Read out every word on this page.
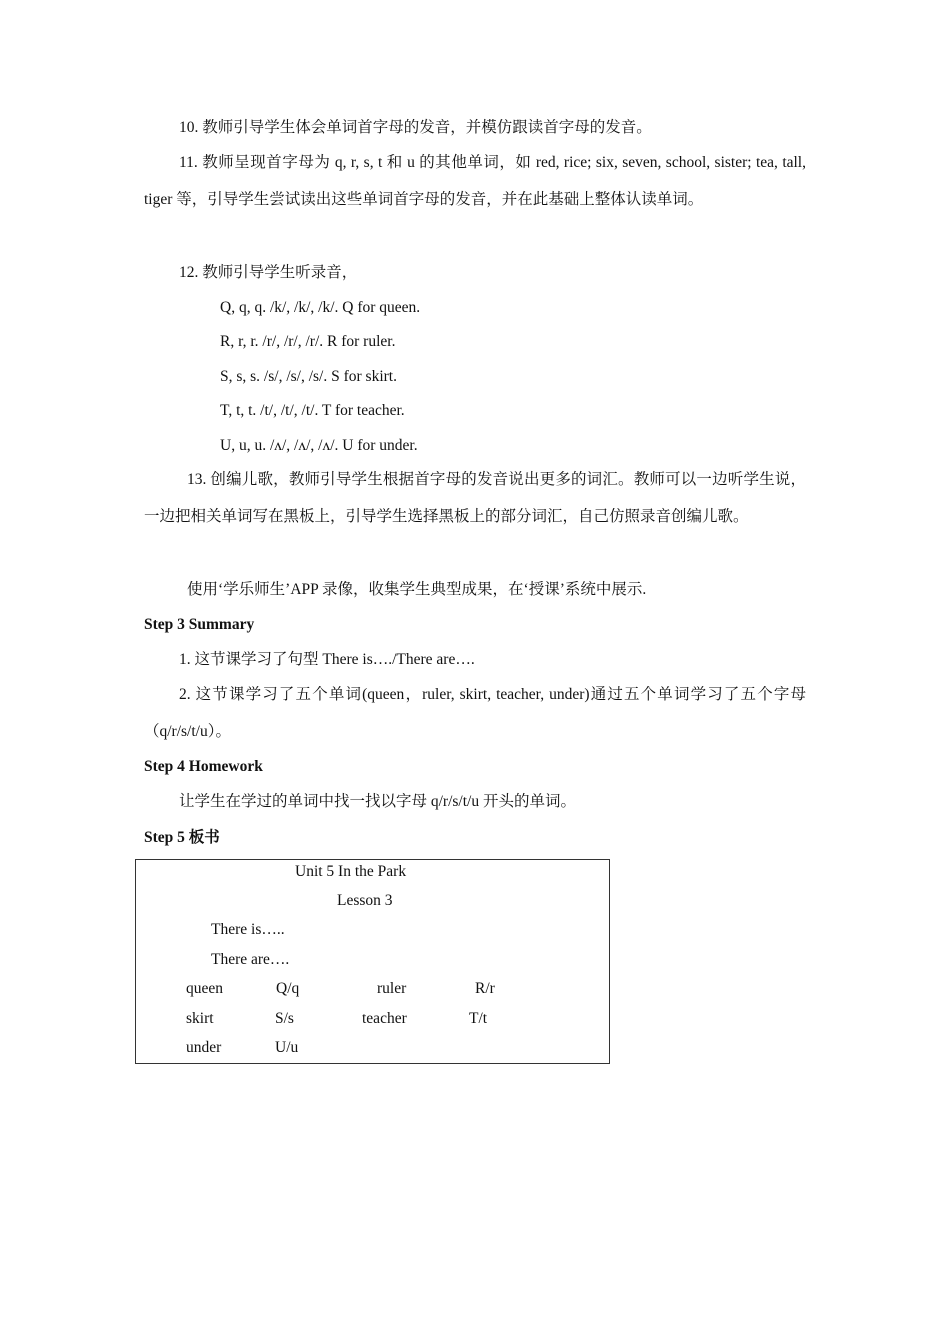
10. 教师引导学生体会单词首字母的发音，并模仿跟读首字母的发音。
11. 教师呈现首字母为 q, r, s, t 和 u 的其他单词，如 red, rice; six, seven, school, sister; tea, tall, tiger 等，引导学生尝试读出这些单词首字母的发音，并在此基础上整体认读单词。
12. 教师引导学生听录音，
Q, q, q. /k/, /k/, /k/. Q for queen.
R, r, r. /r/, /r/, /r/. R for ruler.
S, s, s. /s/, /s/, /s/. S for skirt.
T, t, t. /t/, /t/, /t/. T for teacher.
U, u, u. /ʌ/, /ʌ/, /ʌ/. U for under.
13. 创编儿歌，教师引导学生根据首字母的发音说出更多的词汇。教师可以一边听学生说，一边把相关单词写在黑板上，引导学生选择黑板上的部分词汇，自己仿照录音创编儿歌。
使用‘学乐师生’APP 录像，收集学生典型成果，在‘授课’系统中展示.
Step 3 Summary
1. 这节课学习了句型 There is…./There are….
2. 这节课学习了五个单词(queen，ruler, skirt, teacher, under)通过五个单词学习了五个字母（q/r/s/t/u）。
Step 4 Homework
让学生在学过的单词中找一找以字母 q/r/s/t/u 开头的单词。
Step 5 板书
Unit 5 In the Park
Lesson 3
There is…..
There are….
queen	Q/q	ruler	R/r
skirt	S/s	teacher	T/t
under	U/u
